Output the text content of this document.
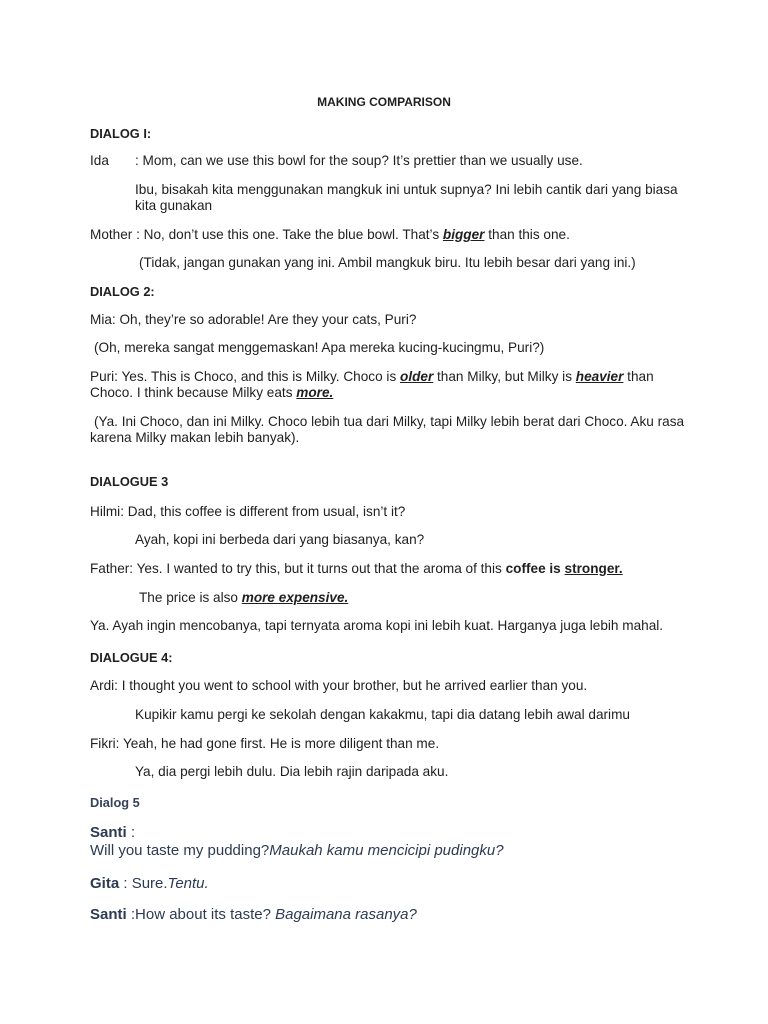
MAKING COMPARISON
DIALOG I:
Ida : Mom, can we use this bowl for the soup? It’s prettier than we usually use.
Ibu, bisakah kita menggunakan mangkuk ini untuk supnya? Ini lebih cantik dari yang biasa
kita gunakan
Mother : No, don’t use this one. Take the blue bowl. That’s bigger than this one.
(Tidak, jangan gunakan yang ini. Ambil mangkuk biru. Itu lebih besar dari yang ini.)
DIALOG 2:
Mia: Oh, they’re so adorable! Are they your cats, Puri?
(Oh, mereka sangat menggemaskan! Apa mereka kucing-kucingmu, Puri?)
Puri: Yes. This is Choco, and this is Milky. Choco is older than Milky, but Milky is heavier than
Choco. I think because Milky eats more.
(Ya. Ini Choco, dan ini Milky. Choco lebih tua dari Milky, tapi Milky lebih berat dari Choco. Aku rasa
karena Milky makan lebih banyak).
DIALOGUE 3
Hilmi: Dad, this coffee is different from usual, isn’t it?
Ayah, kopi ini berbeda dari yang biasanya, kan?
Father: Yes. I wanted to try this, but it turns out that the aroma of this coffee is stronger.
The price is also more expensive.
Ya. Ayah ingin mencobanya, tapi ternyata aroma kopi ini lebih kuat. Harganya juga lebih mahal.
DIALOGUE 4:
Ardi: I thought you went to school with your brother, but he arrived earlier than you.
Kupikir kamu pergi ke sekolah dengan kakakmu, tapi dia datang lebih awal darimu
Fikri: Yeah, he had gone first. He is more diligent than me.
Ya, dia pergi lebih dulu. Dia lebih rajin daripada aku.
Dialog 5
Santi :
Will you taste my pudding?Maukah kamu mencicipi pudingku?
Gita : Sure.Tentu.
Santi :How about its taste? Bagaimana rasanya?
